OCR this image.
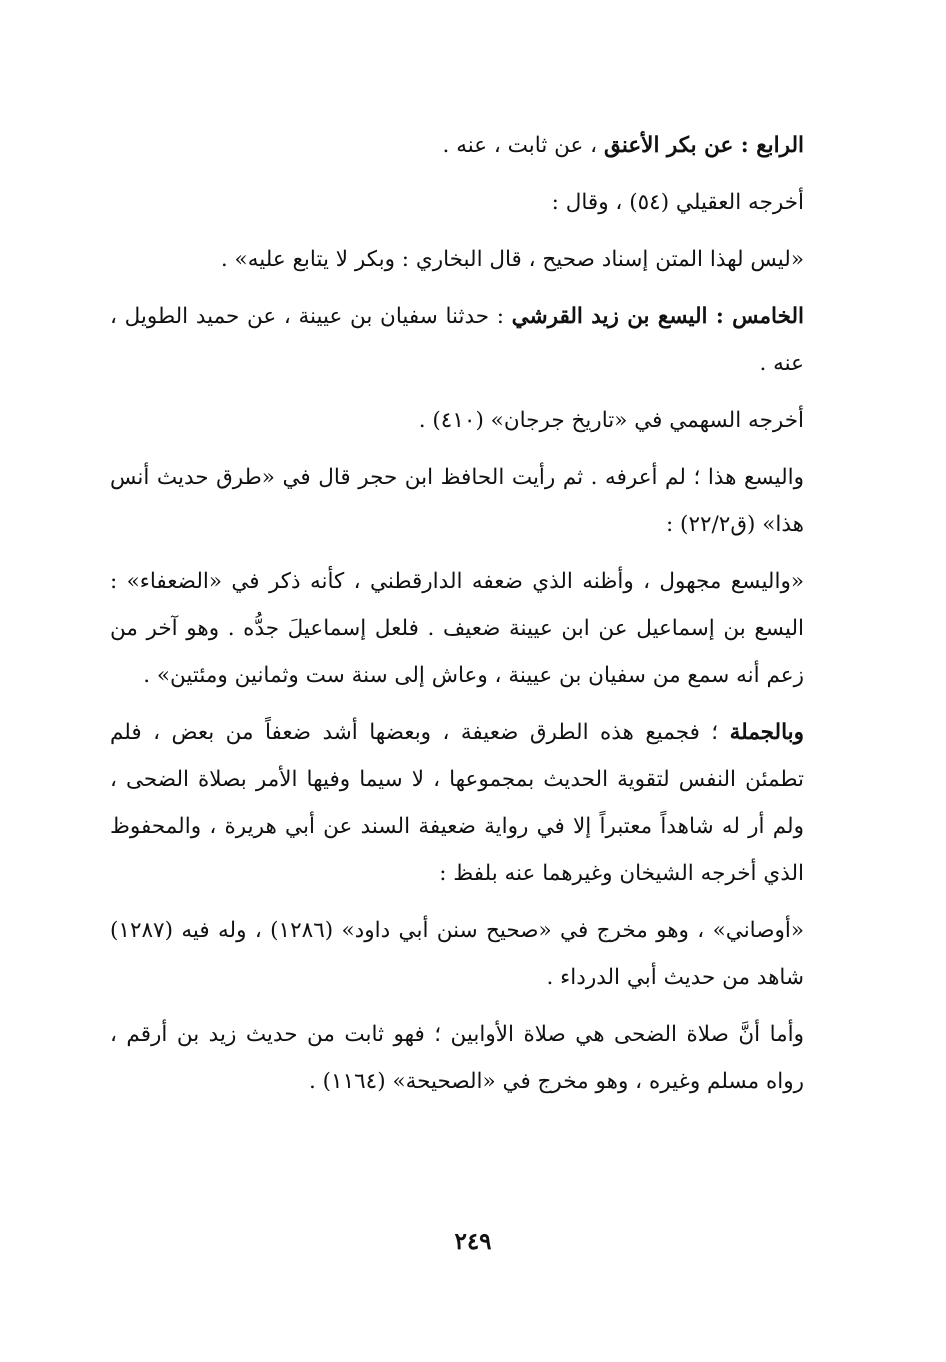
الرابع : عن بكر الأعنق ، عن ثابت ، عنه .

أخرجه العقيلي (٥٤) ، وقال :

«ليس لهذا المتن إسناد صحيح ، قال البخاري : وبكر لا يتابع عليه» .

الخامس : اليسع بن زيد القرشي : حدثنا سفيان بن عيينة ، عن حميد الطويل ، عنه .

أخرجه السهمي في «تاريخ جرجان» (٤١٠) .

واليسع هذا ؛ لم أعرفه . ثم رأيت الحافظ ابن حجر قال في «طرق حديث أنس هذا» (ق٢٢/٢) :

«واليسع مجهول ، وأظنه الذي ضعفه الدارقطني ، كأنه ذكر في «الضعفاء» : اليسع بن إسماعيل عن ابن عيينة ضعيف . فلعل إسماعيلَ جدُّه . وهو آخر من زعم أنه سمع من سفيان بن عيينة ، وعاش إلى سنة ست وثمانين ومئتين» .

وبالجملة ؛ فجميع هذه الطرق ضعيفة ، وبعضها أشد ضعفاً من بعض ، فلم تطمئن النفس لتقوية الحديث بمجموعها ، لا سيما وفيها الأمر بصلاة الضحى ، ولم أر له شاهداً معتبراً إلا في رواية ضعيفة السند عن أبي هريرة ، والمحفوظ الذي أخرجه الشيخان وغيرهما عنه بلفظ :

«أوصاني» ، وهو مخرج في «صحيح سنن أبي داود» (١٢٨٦) ، وله فيه (١٢٨٧) شاهد من حديث أبي الدرداء .

وأما أنَّ صلاة الضحى هي صلاة الأوابين ؛ فهو ثابت من حديث زيد بن أرقم ، رواه مسلم وغيره ، وهو مخرج في «الصحيحة» (١١٦٤) .

٢٤٩
